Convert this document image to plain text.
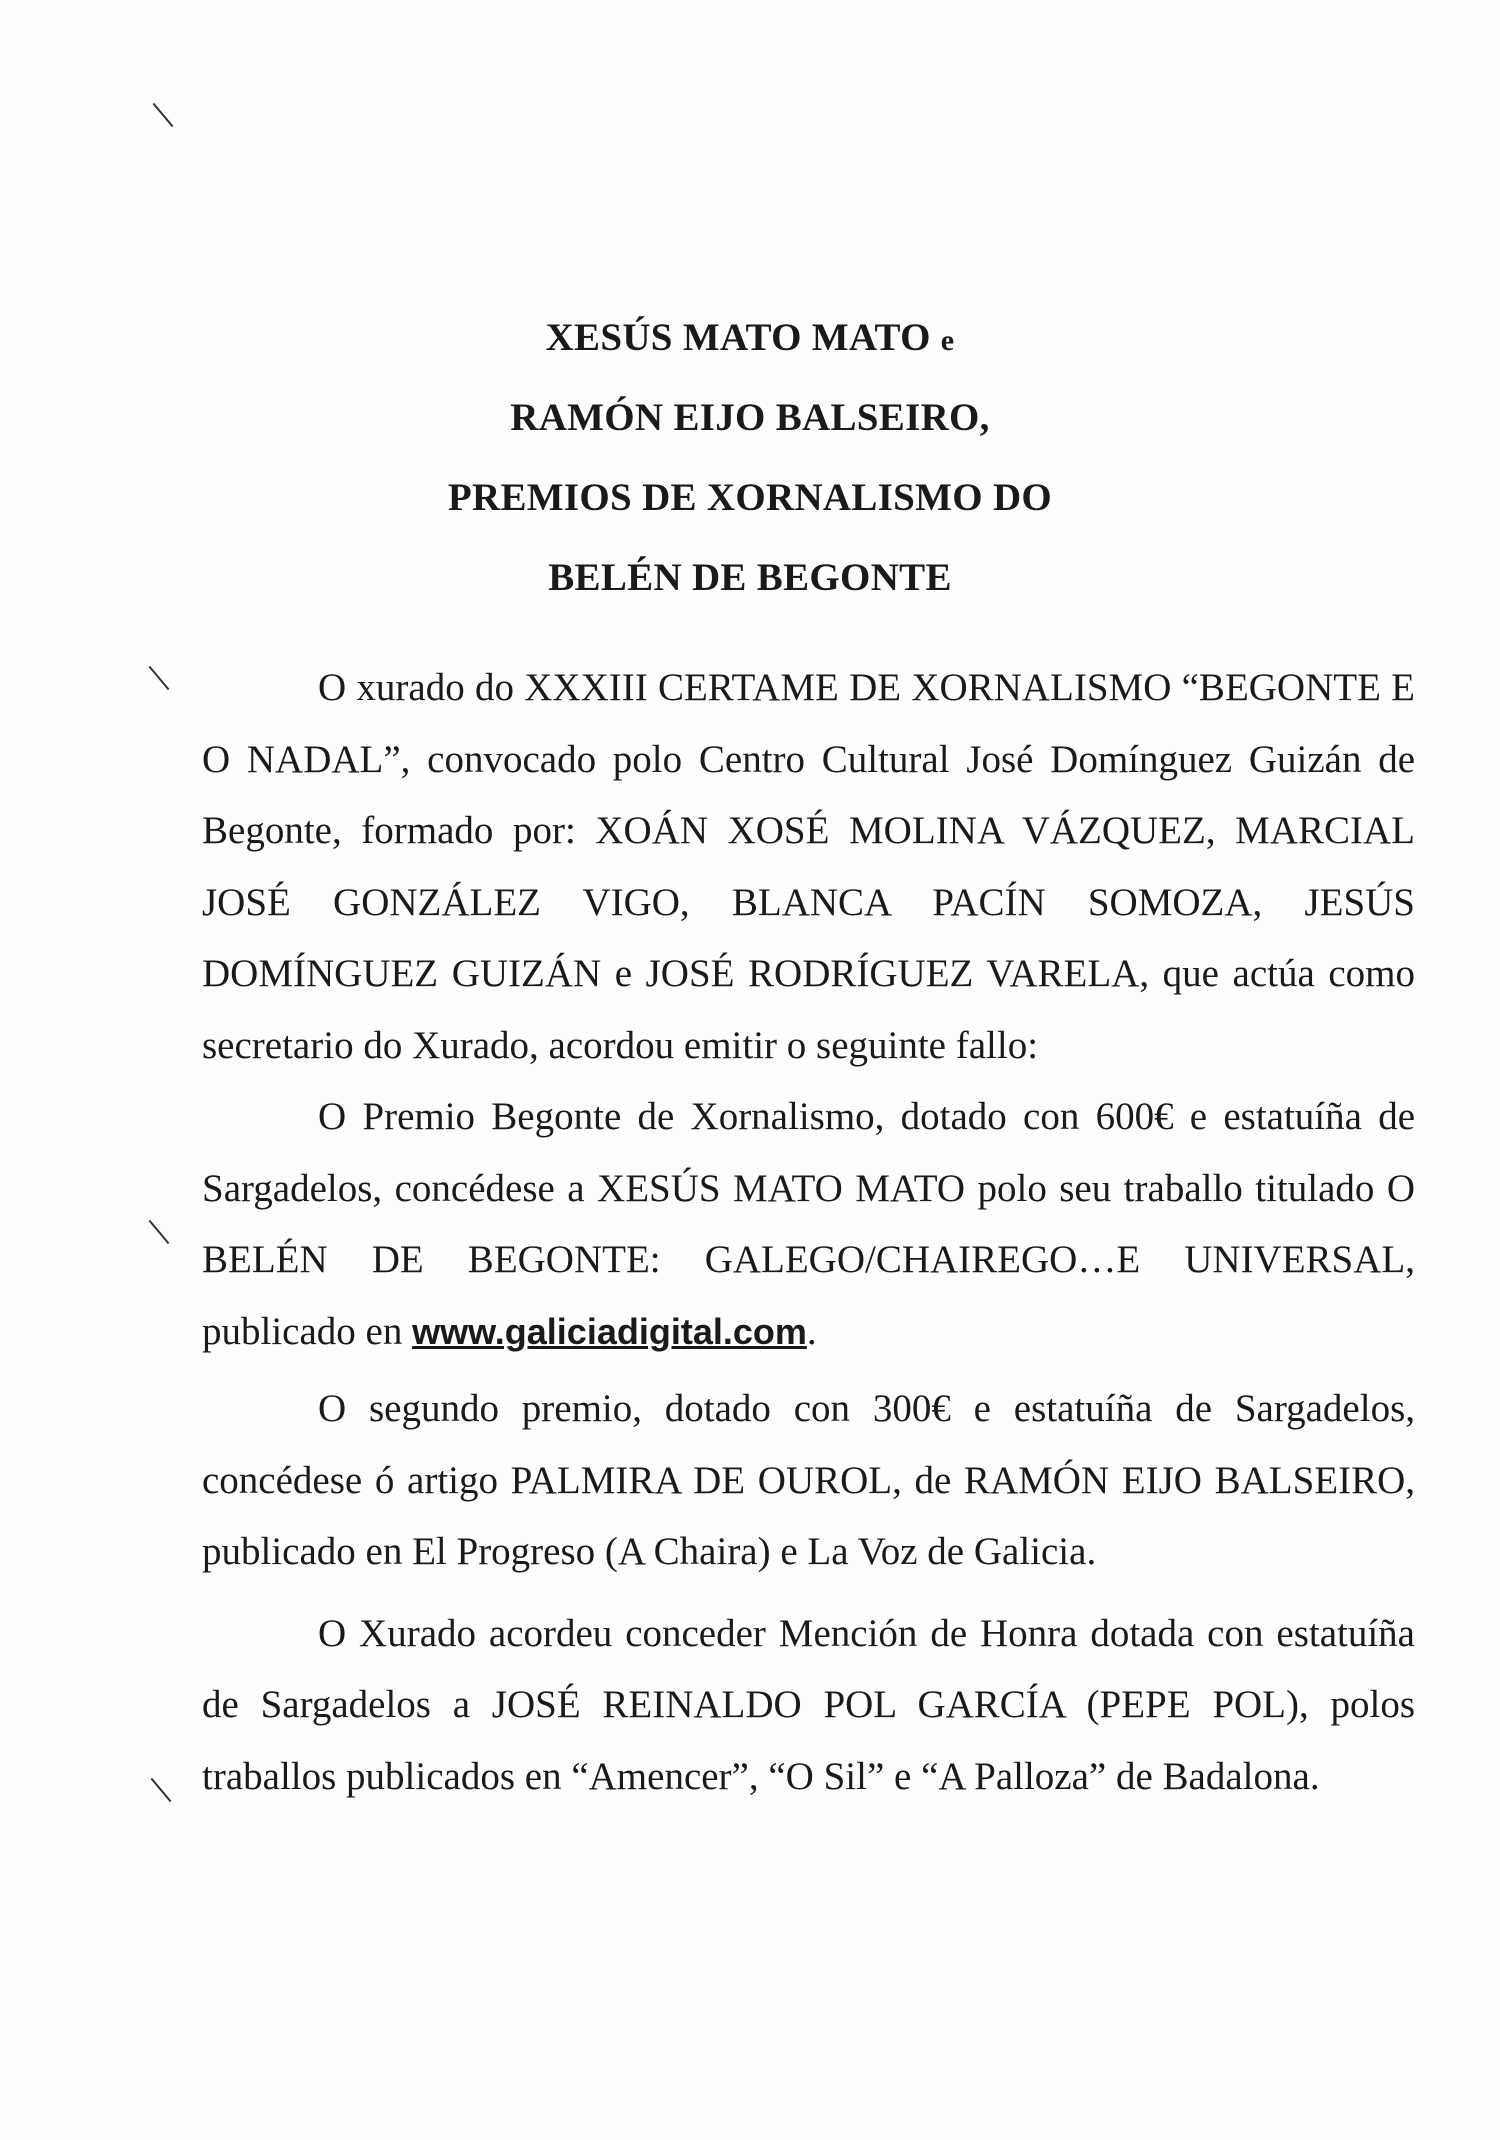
XESÚS MATO MATO e
RAMÓN EIJO BALSEIRO,
PREMIOS DE XORNALISMO DO
BELÉN DE BEGONTE

O xurado do XXXIII CERTAME DE XORNALISMO “BEGONTE E O NADAL”, convocado polo Centro Cultural José Domínguez Guizán de Begonte, formado por: XOÁN XOSÉ MOLINA VÁZQUEZ, MARCIAL JOSÉ GONZÁLEZ VIGO, BLANCA PACÍN SOMOZA, JESÚS DOMÍNGUEZ GUIZÁN e JOSÉ RODRÍGUEZ VARELA, que actúa como secretario do Xurado, acordou emitir o seguinte fallo:

O Premio Begonte de Xornalismo, dotado con 600€ e estatuíña de Sargadelos, concédese a XESÚS MATO MATO polo seu traballo titulado O BELÉN DE BEGONTE: GALEGO/CHAIREGO…E UNIVERSAL, publicado en www.galiciadigital.com.

O segundo premio, dotado con 300€ e estatuíña de Sargadelos, concédese ó artigo PALMIRA DE OUROL, de RAMÓN EIJO BALSEIRO, publicado en El Progreso (A Chaira) e La Voz de Galicia.

O Xurado acordeu conceder Mención de Honra dotada con estatuíña de Sargadelos a JOSÉ REINALDO POL GARCÍA (PEPE POL), polos traballos publicados en “Amencer”, “O Sil” e “A Palloza” de Badalona.
